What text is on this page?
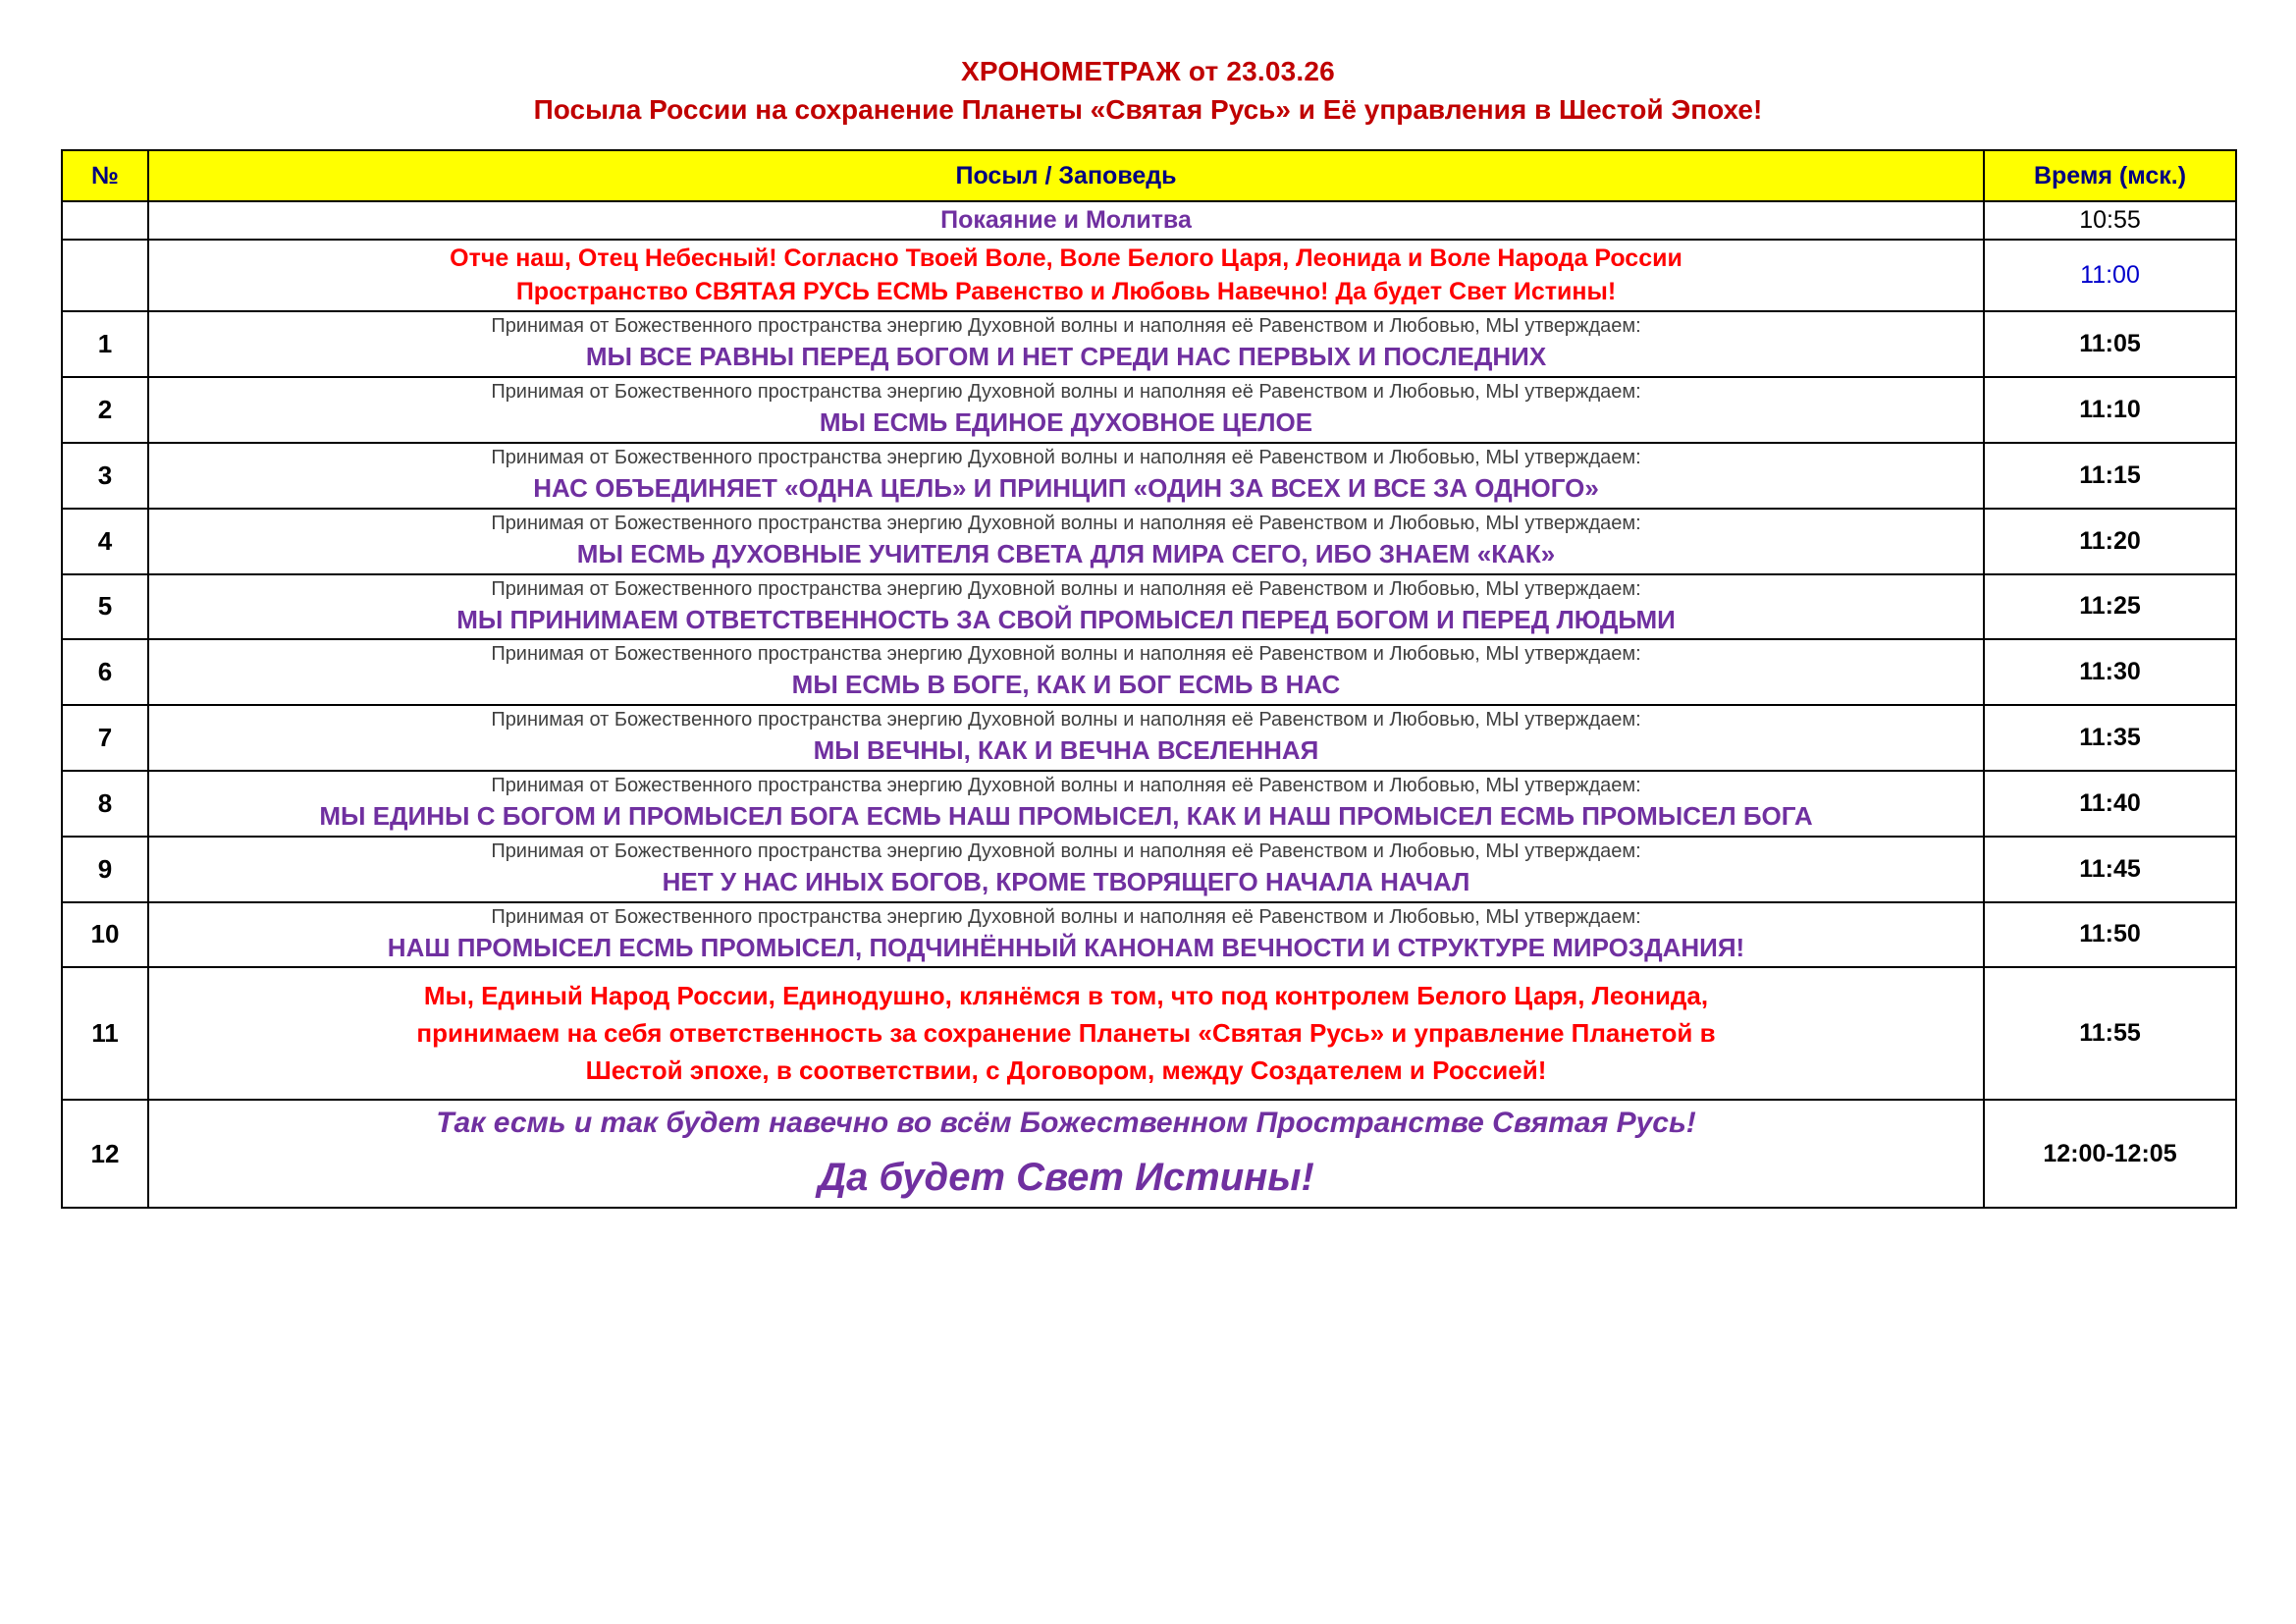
ХРОНОМЕТРАЖ от 23.03.26
Посыла России на сохранение Планеты «Святая Русь» и Её управления в Шестой Эпохе!
№	Посыл / Заповедь	Время (мск.)

	Покаяние и Молитва	10:55

	Отче наш, Отец Небесный! Согласно Твоей Воле, Воле Белого Царя, Леонида и Воле Народа России
Пространство СВЯТАЯ РУСЬ ЕСМЬ Равенство и Любовь Навечно! Да будет Свет Истины!	11:00
1	Принимая от Божественного пространства энергию Духовной волны и наполняя её Равенством и Любовью, МЫ утверждаем:
МЫ ВСЕ РАВНЫ ПЕРЕД БОГОМ И НЕТ СРЕДИ НАС ПЕРВЫХ И ПОСЛЕДНИХ	11:05
2	Принимая от Божественного пространства энергию Духовной волны и наполняя её Равенством и Любовью, МЫ утверждаем:
МЫ ЕСМЬ ЕДИНОЕ ДУХОВНОЕ ЦЕЛОЕ	11:10
3	Принимая от Божественного пространства энергию Духовной волны и наполняя её Равенством и Любовью, МЫ утверждаем:
НАС ОБЪЕДИНЯЕТ «ОДНА ЦЕЛЬ» И ПРИНЦИП «ОДИН ЗА ВСЕХ И ВСЕ ЗА ОДНОГО»	11:15
4	Принимая от Божественного пространства энергию Духовной волны и наполняя её Равенством и Любовью, МЫ утверждаем:
МЫ ЕСМЬ ДУХОВНЫЕ УЧИТЕЛЯ СВЕТА ДЛЯ МИРА СЕГО, ИБО ЗНАЕМ «КАК»	11:20
5	Принимая от Божественного пространства энергию Духовной волны и наполняя её Равенством и Любовью, МЫ утверждаем:
МЫ ПРИНИМАЕМ ОТВЕТСТВЕННОСТЬ ЗА СВОЙ ПРОМЫСЕЛ ПЕРЕД БОГОМ И ПЕРЕД ЛЮДЬМИ	11:25
6	Принимая от Божественного пространства энергию Духовной волны и наполняя её Равенством и Любовью, МЫ утверждаем:
МЫ ЕСМЬ В БОГЕ, КАК И БОГ ЕСМЬ В НАС	11:30
7	Принимая от Божественного пространства энергию Духовной волны и наполняя её Равенством и Любовью, МЫ утверждаем:
МЫ ВЕЧНЫ, КАК И ВЕЧНА ВСЕЛЕННАЯ	11:35
8	Принимая от Божественного пространства энергию Духовной волны и наполняя её Равенством и Любовью, МЫ утверждаем:
МЫ ЕДИНЫ С БОГОМ И ПРОМЫСЕЛ БОГА ЕСМЬ НАШ ПРОМЫСЕЛ, КАК И НАШ ПРОМЫСЕЛ ЕСМЬ ПРОМЫСЕЛ БОГА	11:40
9	Принимая от Божественного пространства энергию Духовной волны и наполняя её Равенством и Любовью, МЫ утверждаем:
НЕТ У НАС ИНЫХ БОГОВ, КРОМЕ ТВОРЯЩЕГО НАЧАЛА НАЧАЛ	11:45
10	Принимая от Божественного пространства энергию Духовной волны и наполняя её Равенством и Любовью, МЫ утверждаем:
НАШ ПРОМЫСЕЛ ЕСМЬ ПРОМЫСЕЛ, ПОДЧИНЁННЫЙ КАНОНАМ ВЕЧНОСТИ И СТРУКТУРЕ МИРОЗДАНИЯ!	11:50
11	Мы, Единый Народ России, Единодушно, клянёмся в том, что под контролем Белого Царя, Леонида,
принимаем на себя ответственность за сохранение Планеты «Святая Русь» и управление Планетой в
Шестой эпохе, в соответствии, с Договором, между Создателем и Россией!	11:55
12	Так есмь и так будет навечно во всём Божественном Пространстве Святая Русь!
Да будет Свет Истины!	12:00-12:05
